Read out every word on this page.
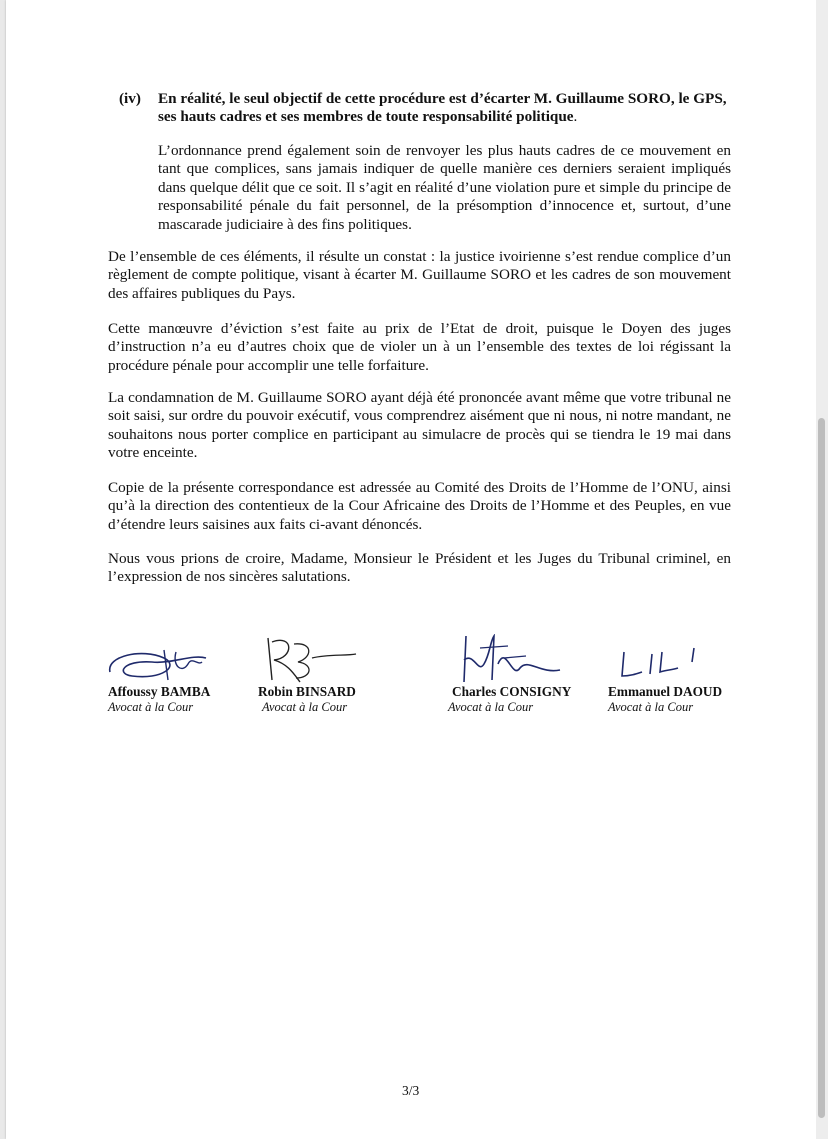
(iv) En réalité, le seul objectif de cette procédure est d’écarter M. Guillaume SORO, le GPS, ses hauts cadres et ses membres de toute responsabilité politique.
L’ordonnance prend également soin de renvoyer les plus hauts cadres de ce mouvement en tant que complices, sans jamais indiquer de quelle manière ces derniers seraient impliqués dans quelque délit que ce soit. Il s’agit en réalité d’une violation pure et simple du principe de responsabilité pénale du fait personnel, de la présomption d’innocence et, surtout, d’une mascarade judiciaire à des fins politiques.
De l’ensemble de ces éléments, il résulte un constat : la justice ivoirienne s’est rendue complice d’un règlement de compte politique, visant à écarter M. Guillaume SORO et les cadres de son mouvement des affaires publiques du Pays.
Cette manœuvre d’éviction s’est faite au prix de l’Etat de droit, puisque le Doyen des juges d’instruction n’a eu d’autres choix que de violer un à un l’ensemble des textes de loi régissant la procédure pénale pour accomplir une telle forfaiture.
La condamnation de M. Guillaume SORO ayant déjà été prononcée avant même que votre tribunal ne soit saisi, sur ordre du pouvoir exécutif, vous comprendrez aisément que ni nous, ni notre mandant, ne souhaitons nous porter complice en participant au simulacre de procès qui se tiendra le 19 mai dans votre enceinte.
Copie de la présente correspondance est adressée au Comité des Droits de l’Homme de l’ONU, ainsi qu’à la direction des contentieux de la Cour Africaine des Droits de l’Homme et des Peuples, en vue d’étendre leurs saisines aux faits ci-avant dénoncés.
Nous vous prions de croire, Madame, Monsieur le Président et les Juges du Tribunal criminel, en l’expression de nos sincères salutations.
Affoussy BAMBA
Avocat à la Cour
Robin BINSARD
Avocat à la Cour
Charles CONSIGNY
Avocat à la Cour
Emmanuel DAOUD
Avocat à la Cour
3/3
